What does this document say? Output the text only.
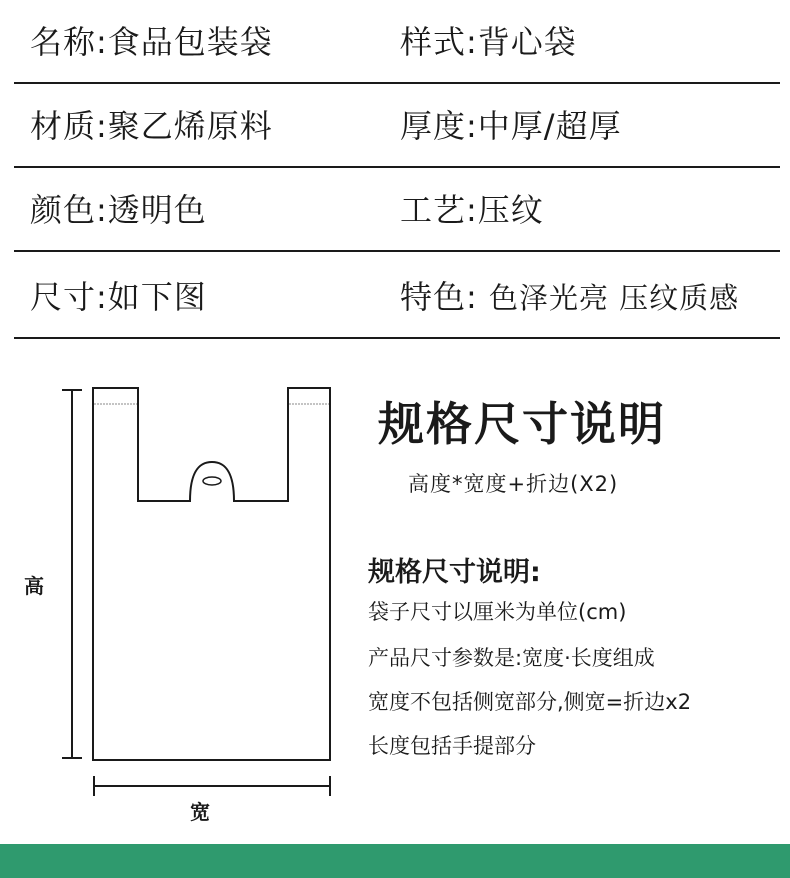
名称:食品包装袋	样式:背心袋
材质:聚乙烯原料	厚度:中厚/超厚
颜色:透明色	工艺:压纹
尺寸:如下图	特色: 色泽光亮 压纹质感
高
宽
规格尺寸说明
高度*宽度+折边(X2)
规格尺寸说明:
袋子尺寸以厘米为单位(cm)
产品尺寸参数是:宽度·长度组成
宽度不包括侧宽部分,侧宽=折边x2
长度包括手提部分
